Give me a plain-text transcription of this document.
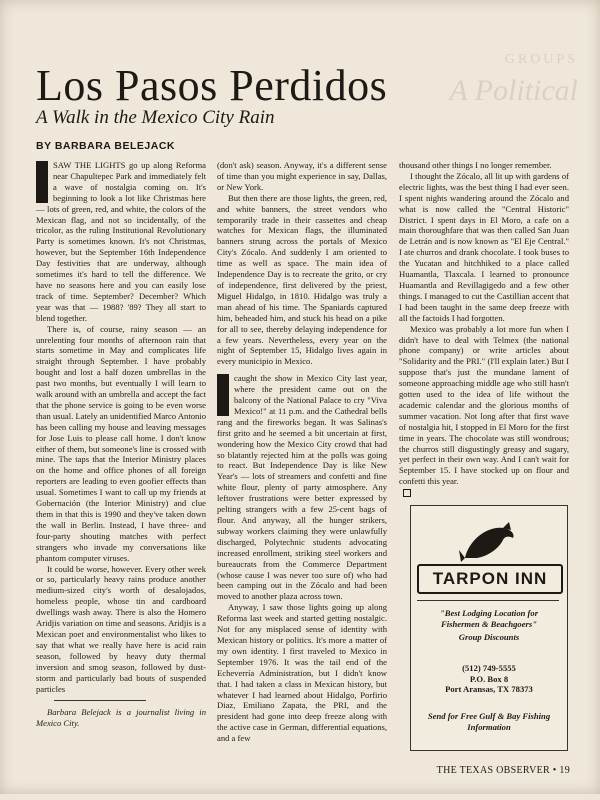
GROUPS
A Political
Los Pasos Perdidos
A Walk in the Mexico City Rain
BY BARBARA BELEJACK
I	SAW THE LIGHTS go up along Reforma near Chapultepec Park and immediately felt a wave of nostalgia coming on. It's beginning to look a lot like Christmas here — lots of green, red, and white, the colors of the Mexican flag, and not so incidentally, of the tricolor, as the ruling Institutional Revolutionary Party is sometimes known. It's not Christmas, however, but the September 16th Independence Day festivities that are underway, although sometimes it's hard to tell the difference. We have no seasons here and you can easily lose track of time. September? December? Which year was that — 1988? '89? They all start to blend together.

There is, of course, rainy season — an unrelenting four months of afternoon rain that starts sometime in May and complicates life straight through September. I have probably bought and lost a half dozen umbrellas in the past two months, but eventually I will learn to walk around with an umbrella and accept the fact that the phone service is going to be even worse than usual. Lately an unidentified Marco Antonio has been calling my house and leaving messages for Jose Luis to please call home. I don't know either of them, but someone's line is crossed with mine. The taps that the Interior Ministry places on the home and office phones of all foreign reporters are leading to even goofier effects than usual. Sometimes I want to call up my friends at Gobernación (the Interior Ministry) and clue them in that this is 1990 and they've taken down the wall in Berlin. Instead, I have three- and four-party shouting matches with perfect strangers who invade my conversations like phantom computer viruses.

It could be worse, however. Every other week or so, particularly heavy rains produce another medium-sized city's worth of desalojados, homeless people, whose tin and cardboard dwellings wash away. There is also the Homero Aridjis variation on time and seasons. Aridjis is a Mexican poet and environmentalist who likes to say that what we really have here is acid rain season, followed by heavy duty thermal inversion and smog season, followed by dust-storm and particularly bad bouts of suspended particles

Barbara Belejack is a journalist living in Mexico City.

(don't ask) season. Anyway, it's a different sense of time than you might experience in say, Dallas, or New York.

But then there are those lights, the green, red, and white banners, the street vendors who temporarily trade in their cassettes and cheap watches for Mexican flags, the illuminated banners strung across the portals of Mexico City's Zócalo. And suddenly I am oriented to time as well as space. The main idea of Independence Day is to recreate the grito, or cry of independence, first delivered by the priest, Miguel Hidalgo, in 1810. Hidalgo was truly a man ahead of his time. The Spaniards captured him, beheaded him, and stuck his head on a pike for all to see, thereby delaying independence for a few years. Nevertheless, every year on the night of September 15, Hidalgo lives again in every municipio in Mexico.

I	caught the show in Mexico City last year, where the president came out on the balcony of the National Palace to cry "Viva Mexico!" at 11 p.m. and the Cathedral bells rang and the fireworks began. It was Salinas's first grito and he seemed a bit uncertain at first, wondering how the Mexico City crowd that had so blatantly rejected him at the polls was going to react. But Independence Day is like New Year's — lots of streamers and confetti and fine white flour, plenty of party atmosphere. Any leftover frustrations were better expressed by pelting strangers with a few 25-cent bags of flour. And anyway, all the hunger strikers, subway workers claiming they were unlawfully discharged, Polytechnic students advocating increased enrollment, striking steel workers and bureaucrats from the Commerce Department (whose cause I was never too sure of) who had been camping out in the Zócalo and had been moved to another plaza across town.

Anyway, I saw those lights going up along Reforma last week and started getting nostalgic. Not for any misplaced sense of identity with Mexican history or politics. It's more a matter of my own identity. I first traveled to Mexico in September 1976. It was the tail end of the Echeverría Administration, but I didn't know that. I had taken a class in Mexican history, but whatever I had learned about Hidalgo, Porfirio Diaz, Emiliano Zapata, the PRI, and the president had gone into deep freeze along with the active case in German, differential equations, and a few

thousand other things I no longer remember.

I thought the Zócalo, all lit up with gardens of electric lights, was the best thing I had ever seen. I spent nights wandering around the Zócalo and what is now called the "Central Historic" District. I spent days in El Moro, a cafe on a main thoroughfare that was then called San Juan de Letrán and is now known as "El Eje Central." I ate churros and drank chocolate. I took buses to the Yucatan and hitchhiked to a place called Huamantla, Tlaxcala. I learned to pronounce Huamantla and Revillagigedo and a few other things. I managed to cut the Castillian accent that I had been taught in the same deep freeze with all the factoids I had forgotten.

Mexico was probably a lot more fun when I didn't have to deal with Telmex (the national phone company) or write articles about "Solidarity and the PRI." (I'll explain later.) But I suppose that's just the mundane lament of someone approaching middle age who still hasn't gotten used to the idea of life without the academic calendar and the glorious months of summer vacation. Not long after that first wave of nostalgia hit, I stopped in El Moro for the first time in years. The chocolate was still wondrous; the churros still disgustingly greasy and sugary, yet perfect in their own way. And I can't wait for September 15. I have stocked up on flour and confetti this year.

TARPON INN
"Best Lodging Location for Fishermen & Beachgoers"
Group Discounts
(512) 749-5555
P.O. Box 8
Port Aransas, TX 78373
Send for Free Gulf & Bay Fishing Information
THE TEXAS OBSERVER • 19
